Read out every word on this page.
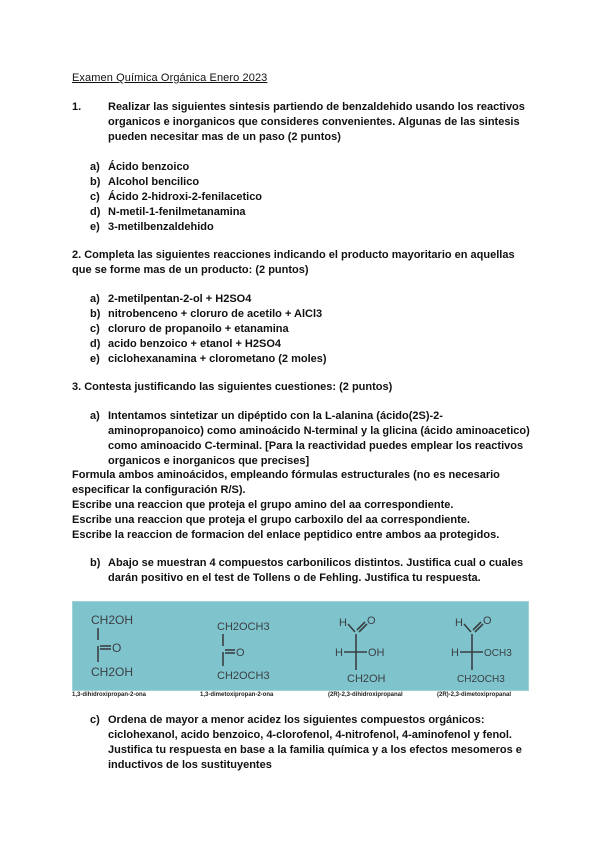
Examen Química Orgánica Enero 2023
1.	Realizar las siguientes sintesis partiendo de benzaldehido usando los reactivos organicos e inorganicos que consideres convenientes. Algunas de las sintesis pueden necesitar mas de un paso (2 puntos)
a) Ácido benzoico
b) Alcohol bencilico
c) Ácido 2-hidroxi-2-fenilacetico
d) N-metil-1-fenilmetanamina
e) 3-metilbenzaldehido
2. Completa las siguientes reacciones indicando el producto mayoritario en aquellas que se forme mas de un producto: (2 puntos)
a) 2-metilpentan-2-ol + H2SO4
b) nitrobenceno + cloruro de acetilo + AlCl3
c) cloruro de propanoilo + etanamina
d) acido benzoico + etanol + H2SO4
e) ciclohexanamina + clorometano (2 moles)
3. Contesta justificando las siguientes cuestiones: (2 puntos)
a) Intentamos sintetizar un dipéptido con la L-alanina (ácido(2S)-2-aminopropanoico) como aminoácido N-terminal y la glicina (ácido aminoacetico) como aminoacido C-terminal. [Para la reactividad puedes emplear los reactivos organicos e inorganicos que precises]
Formula ambos aminoácidos, empleando fórmulas estructurales (no es necesario especificar la configuración R/S).
Escribe una reaccion que proteja el grupo amino del aa correspondiente.
Escribe una reaccion que proteja el grupo carboxilo del aa correspondiente.
Escribe la reaccion de formacion del enlace peptidico entre ambos aa protegidos.
b) Abajo se muestran 4 compuestos carbonilicos distintos. Justifica cual o cuales darán positivo en el test de Tollens o de Fehling. Justifica tu respuesta.
CH2OH
O
CH2OH
CH2OCH3
O
CH2OCH3
H O
H OH
CH2OH
H O
H	OCH3
CH2OCH3
1,3-dihidroxipropan-2-ona	1,3-dimetoxipropan-2-ona	(2R)-2,3-dihidroxipropanal	(2R)-2,3-dimetoxipropanal
c) Ordena de mayor a menor acidez los siguientes compuestos orgánicos: ciclohexanol, acido benzoico, 4-clorofenol, 4-nitrofenol, 4-aminofenol y fenol. Justifica tu respuesta en base a la familia química y a los efectos mesomeros e inductivos de los sustituyentes
